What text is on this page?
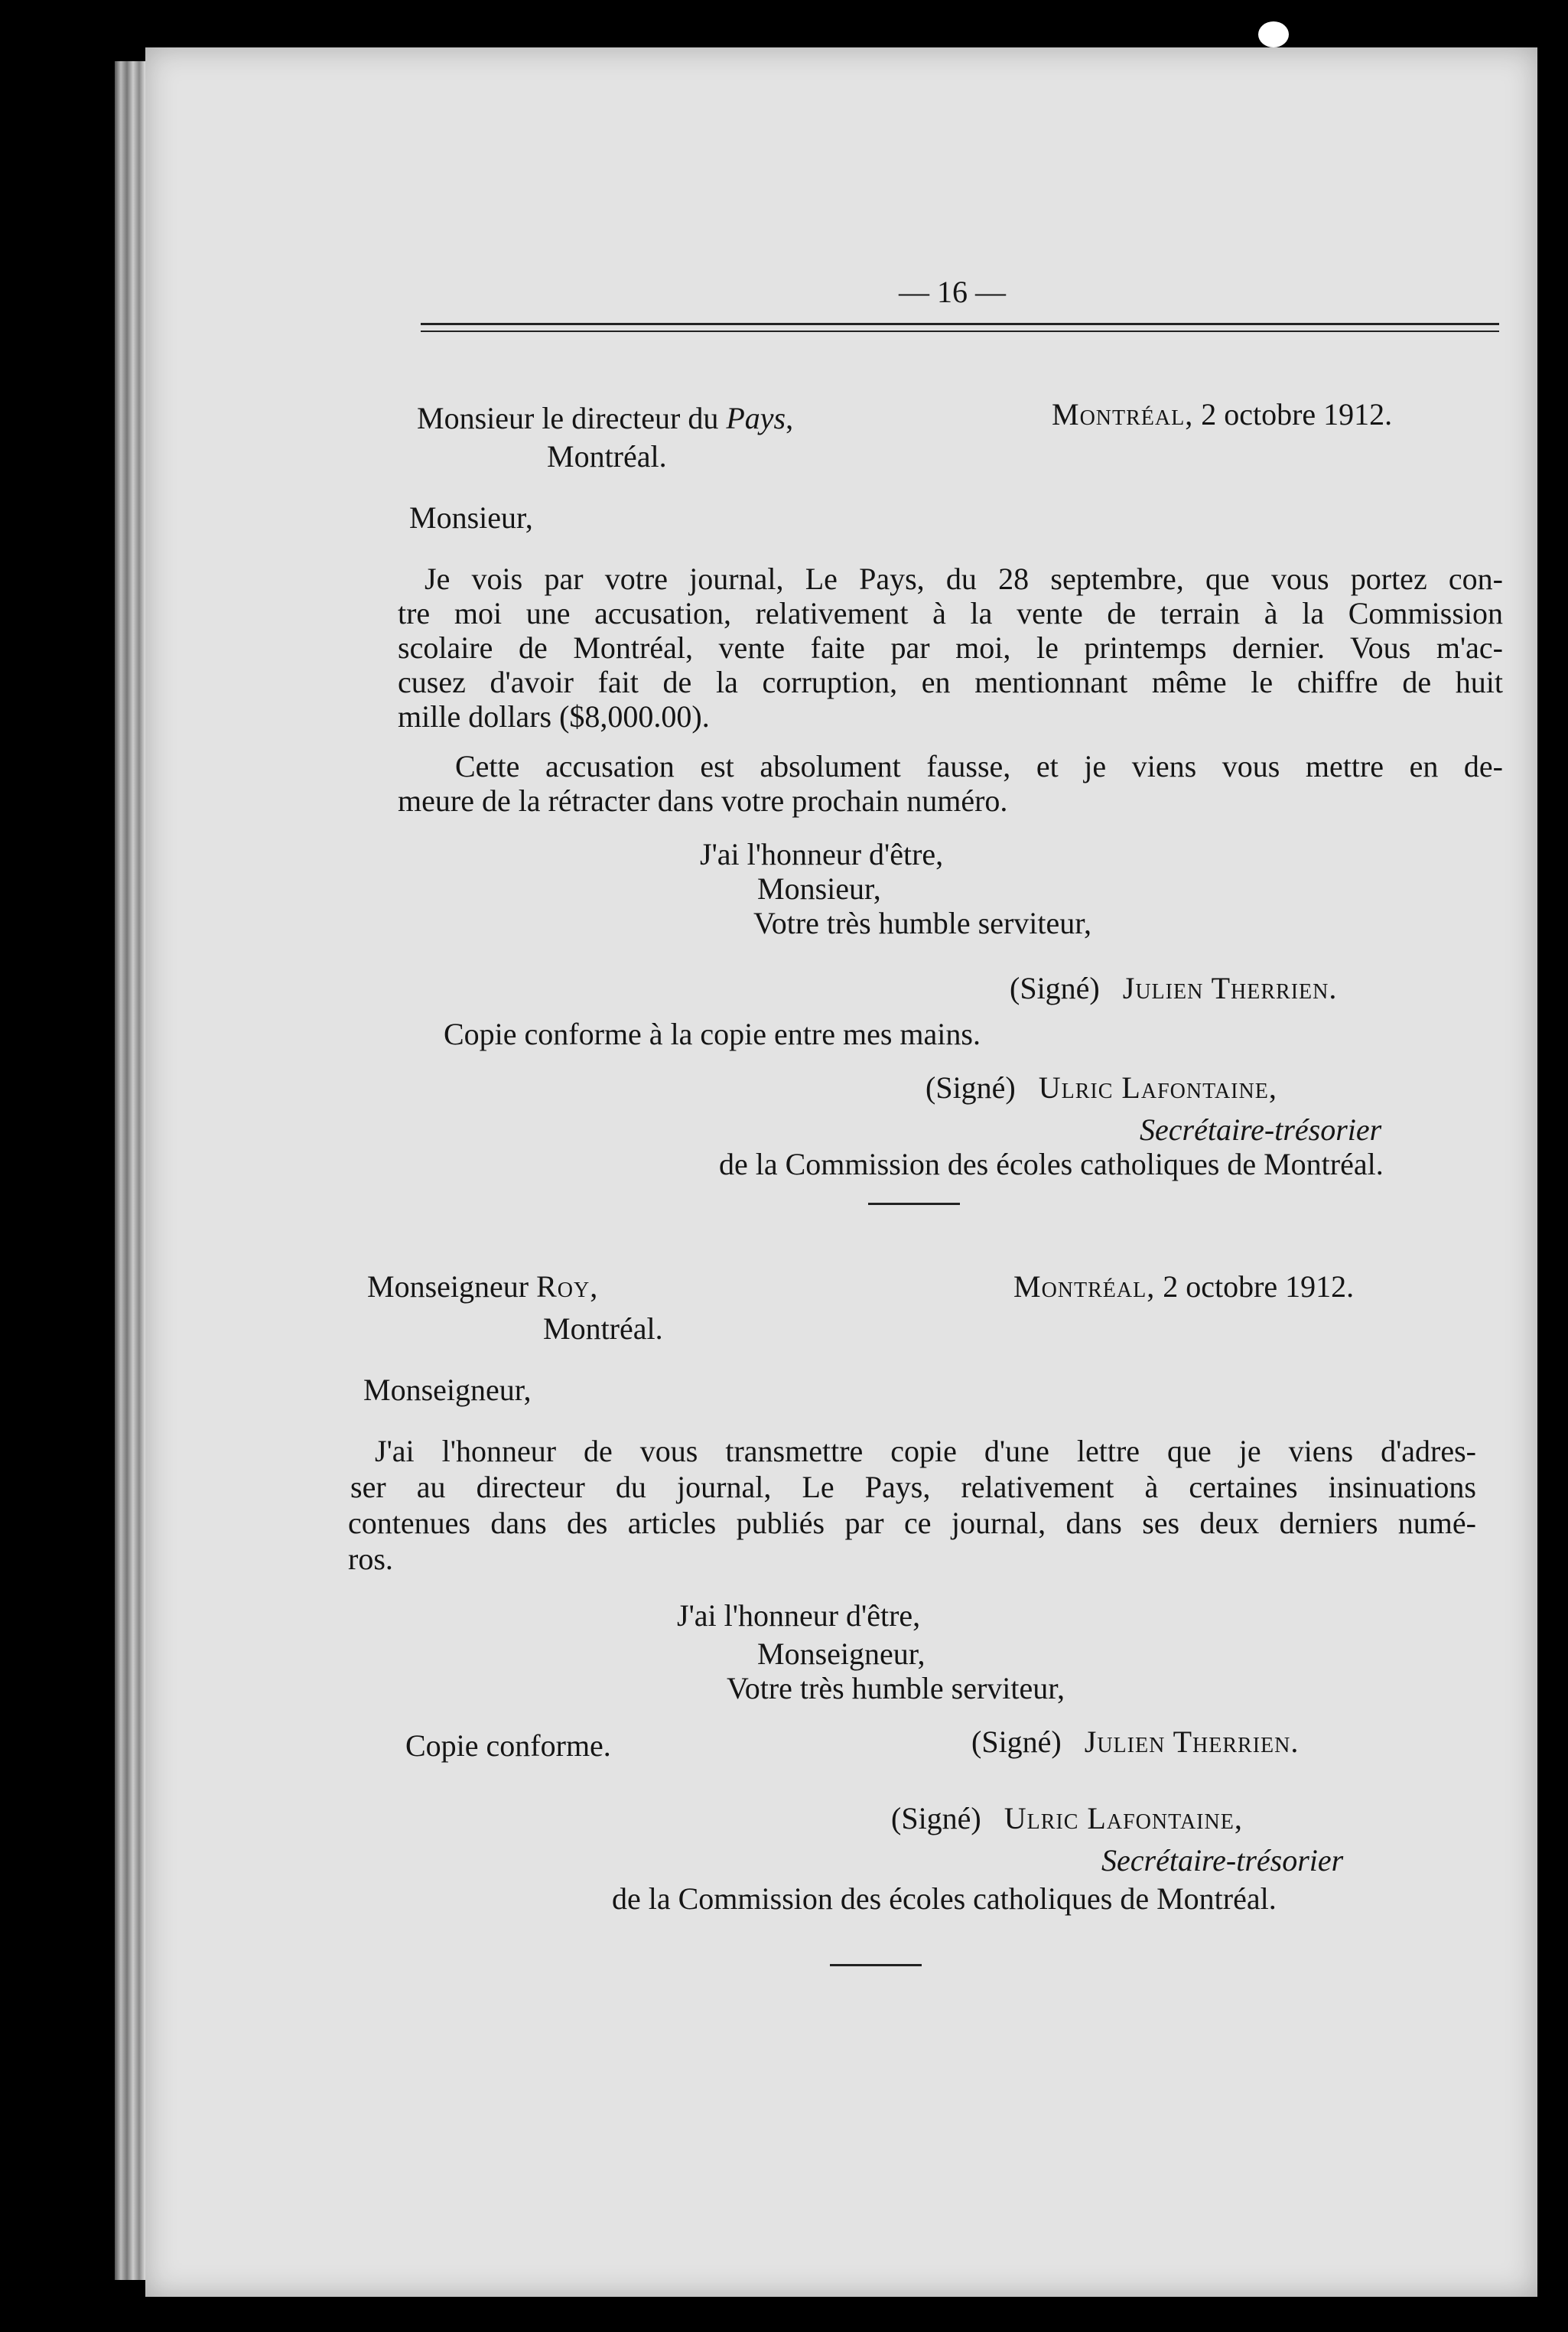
— 16 —
Monsieur le directeur du Pays,
Montréal.
Montréal, 2 octobre 1912.
Monsieur,
Je vois par votre journal, Le Pays, du 28 septembre, que vous portez con-
tre moi une accusation, relativement à la vente de terrain à la Commission
scolaire de Montréal, vente faite par moi, le printemps dernier. Vous m'ac-
cusez d'avoir fait de la corruption, en mentionnant même le chiffre de huit
mille dollars ($8,000.00).
Cette accusation est absolument fausse, et je viens vous mettre en de-
meure de la rétracter dans votre prochain numéro.
J'ai l'honneur d'être,
Monsieur,
Votre très humble serviteur,
(Signé) Julien Therrien.
Copie conforme à la copie entre mes mains.
(Signé) Ulric Lafontaine,
Secrétaire-trésorier
de la Commission des écoles catholiques de Montréal.
Monseigneur Roy,
Montréal.
Montréal, 2 octobre 1912.
Monseigneur,
J'ai l'honneur de vous transmettre copie d'une lettre que je viens d'adres-
ser au directeur du journal, Le Pays, relativement à certaines insinuations
contenues dans des articles publiés par ce journal, dans ses deux derniers numé-
ros.
J'ai l'honneur d'être,
Monseigneur,
Votre très humble serviteur,
Copie conforme.	(Signé) Julien Therrien.
(Signé) Ulric Lafontaine,
Secrétaire-trésorier
de la Commission des écoles catholiques de Montréal.
